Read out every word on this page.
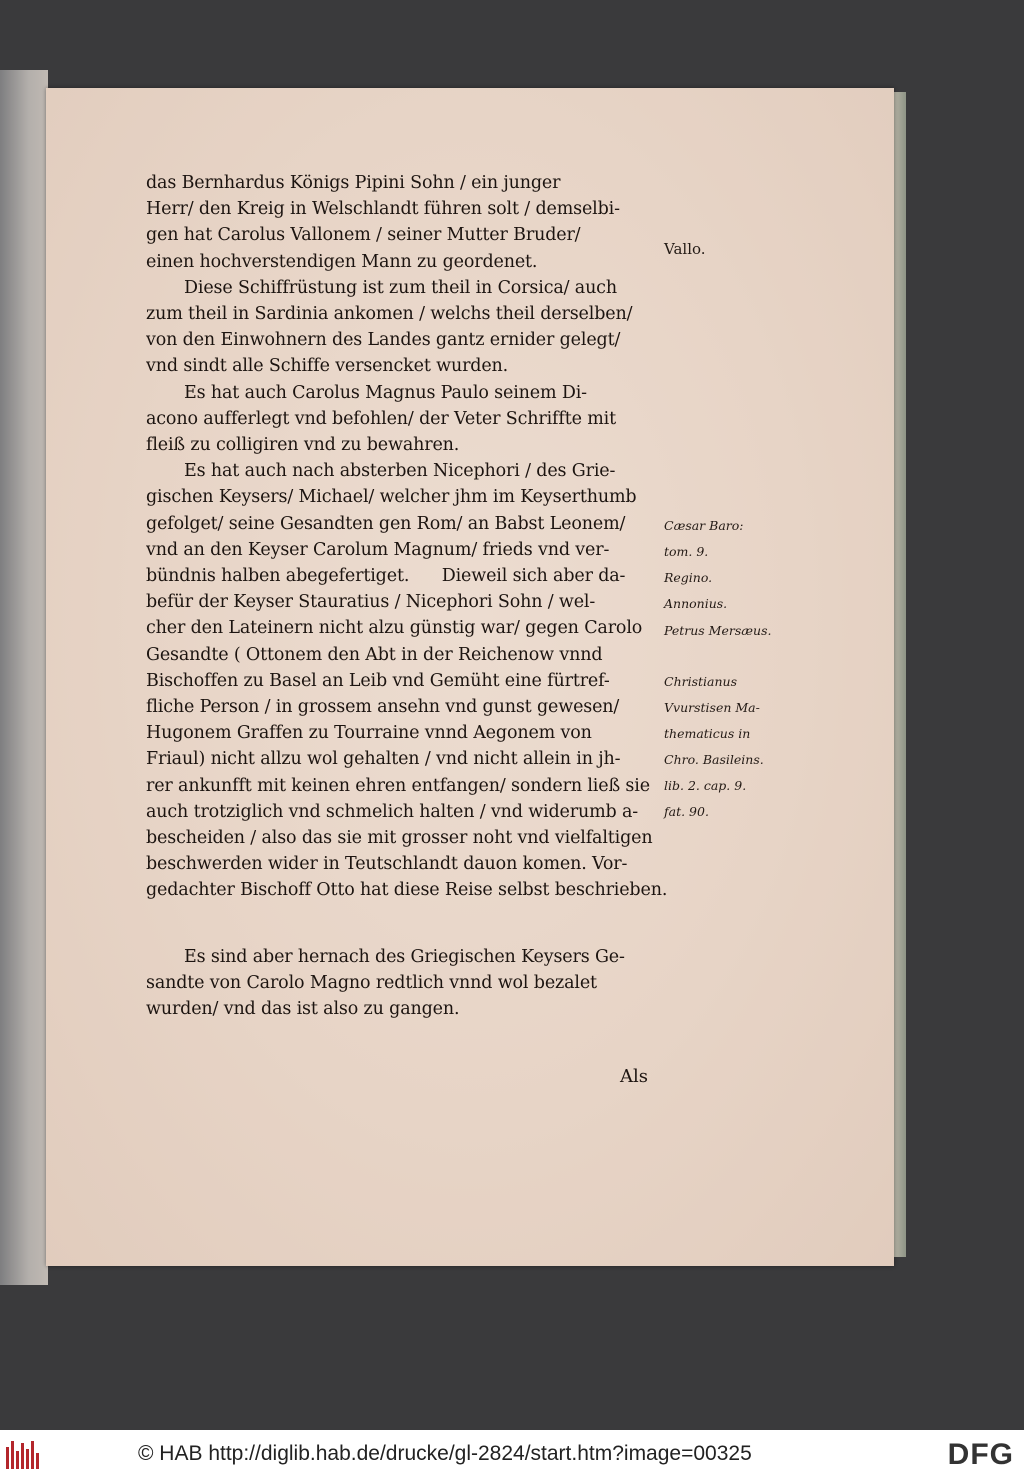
das Bernhardus Königs Pipini Sohn / ein junger
Herr/ den Kreig in Welschlandt führen solt / demselbi-
gen hat Carolus Vallonem / seiner Mutter Bruder/
einen hochverstendigen Mann zu geordenet.
Diese Schiffrüstung ist zum theil in Corsica/ auch
zum theil in Sardinia ankomen / welchs theil derselben/
von den Einwohnern des Landes gantz ernider gelegt/
vnd sindt alle Schiffe versencket wurden.
Es hat auch Carolus Magnus Paulo seinem Di-
acono aufferlegt vnd befohlen/ der Veter Schriffte mit
fleiß zu colligiren vnd zu bewahren.
Es hat auch nach absterben Nicephori / des Grie-
gischen Keysers/ Michael/ welcher jhm im Keyserthumb
gefolget/ seine Gesandten gen Rom/ an Babst Leonem/
vnd an den Keyser Carolum Magnum/ frieds vnd ver-
bündnis halben abegefertiget.      Dieweil sich aber da-
befür der Keyser Stauratius / Nicephori Sohn / wel-
cher den Lateinern nicht alzu günstig war/ gegen Carolo
Gesandte ( Ottonem den Abt in der Reichenow vnnd
Bischoffen zu Basel an Leib vnd Gemüht eine fürtref-
fliche Person / in grossem ansehn vnd gunst gewesen/
Hugonem Graffen zu Tourraine vnnd Aegonem von
Friaul) nicht allzu wol gehalten / vnd nicht allein in jh-
rer ankunfft mit keinen ehren entfangen/ sondern ließ sie
auch trotziglich vnd schmelich halten / vnd widerumb a-
bescheiden / also das sie mit grosser noht vnd vielfaltigen
beschwerden wider in Teutschlandt dauon komen. Vor-
gedachter Bischoff Otto hat diese Reise selbst beschrieben.
Es sind aber hernach des Griegischen Keysers Ge-
sandte von Carolo Magno redtlich vnnd wol bezalet
wurden/ vnd das ist also zu gangen.
Als
Vallo.
Cæsar Baro:
tom. 9.
Regino.
Annonius.
Petrus Mersæus.
Christianus
Vvurstisen Ma-
thematicus in
Chro. Basileins.
lib. 2. cap. 9.
fat. 90.
© HAB http://diglib.hab.de/drucke/gl-2824/start.htm?image=00325	DFG
